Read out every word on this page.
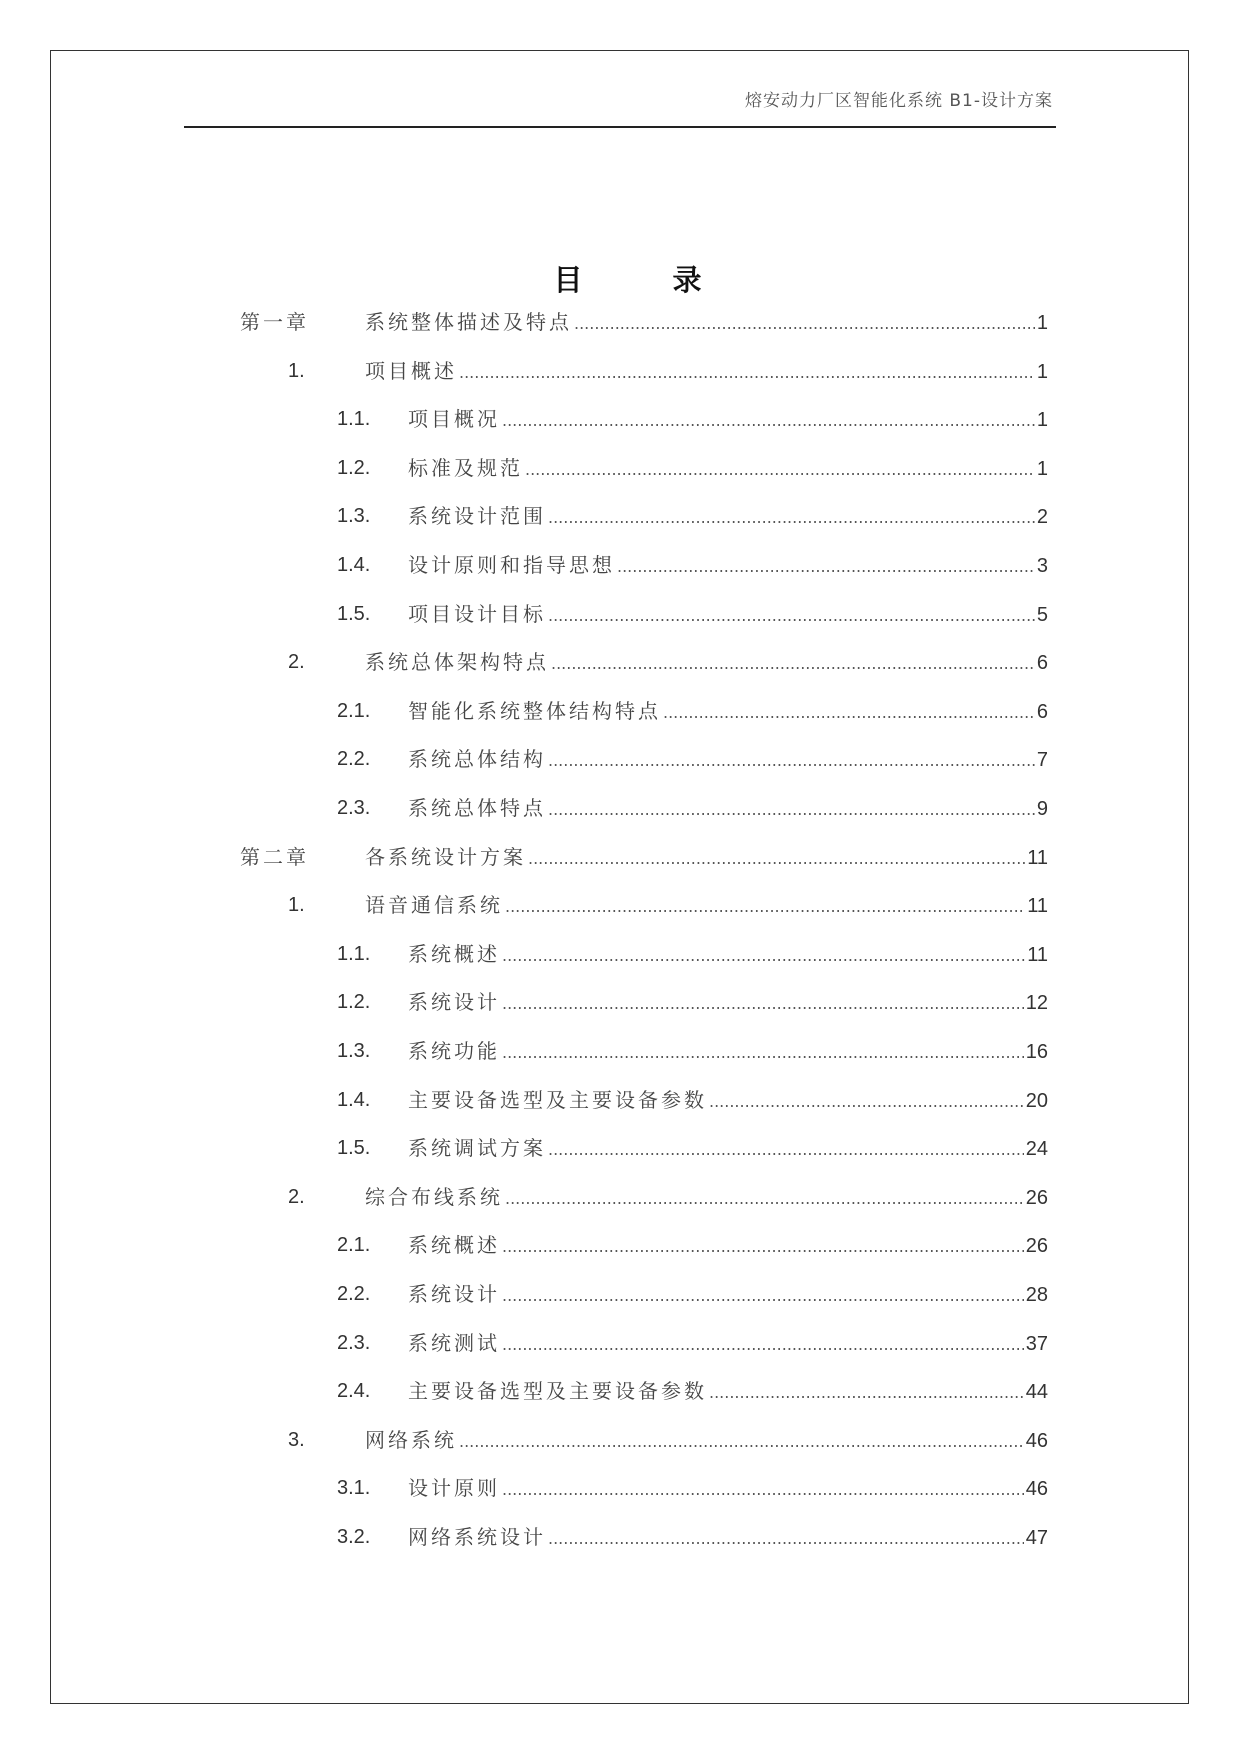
熔安动力厂区智能化系统 B1-设计方案
目 录
第一章	系统整体描述及特点 .....	1
1.	项目概述 .....	1
1.1. 项目概况 .....	1
1.2. 标准及规范 .....	1
1.3. 系统设计范围 .....	2
1.4. 设计原则和指导思想 .....	3
1.5. 项目设计目标 .....	5
2.	系统总体架构特点 .....	6
2.1. 智能化系统整体结构特点 .....	6
2.2. 系统总体结构 .....	7
2.3. 系统总体特点 .....	9
第二章	各系统设计方案 .....	11
1.	语音通信系统 .....	11
1.1. 系统概述 .....	11
1.2. 系统设计 .....	12
1.3. 系统功能 .....	16
1.4. 主要设备选型及主要设备参数 .....	20
1.5. 系统调试方案 .....	24
2.	综合布线系统 .....	26
2.1. 系统概述 .....	26
2.2. 系统设计 .....	28
2.3. 系统测试 .....	37
2.4. 主要设备选型及主要设备参数 .....	44
3.	网络系统 .....	46
3.1. 设计原则 .....	46
3.2. 网络系统设计 .....	47
